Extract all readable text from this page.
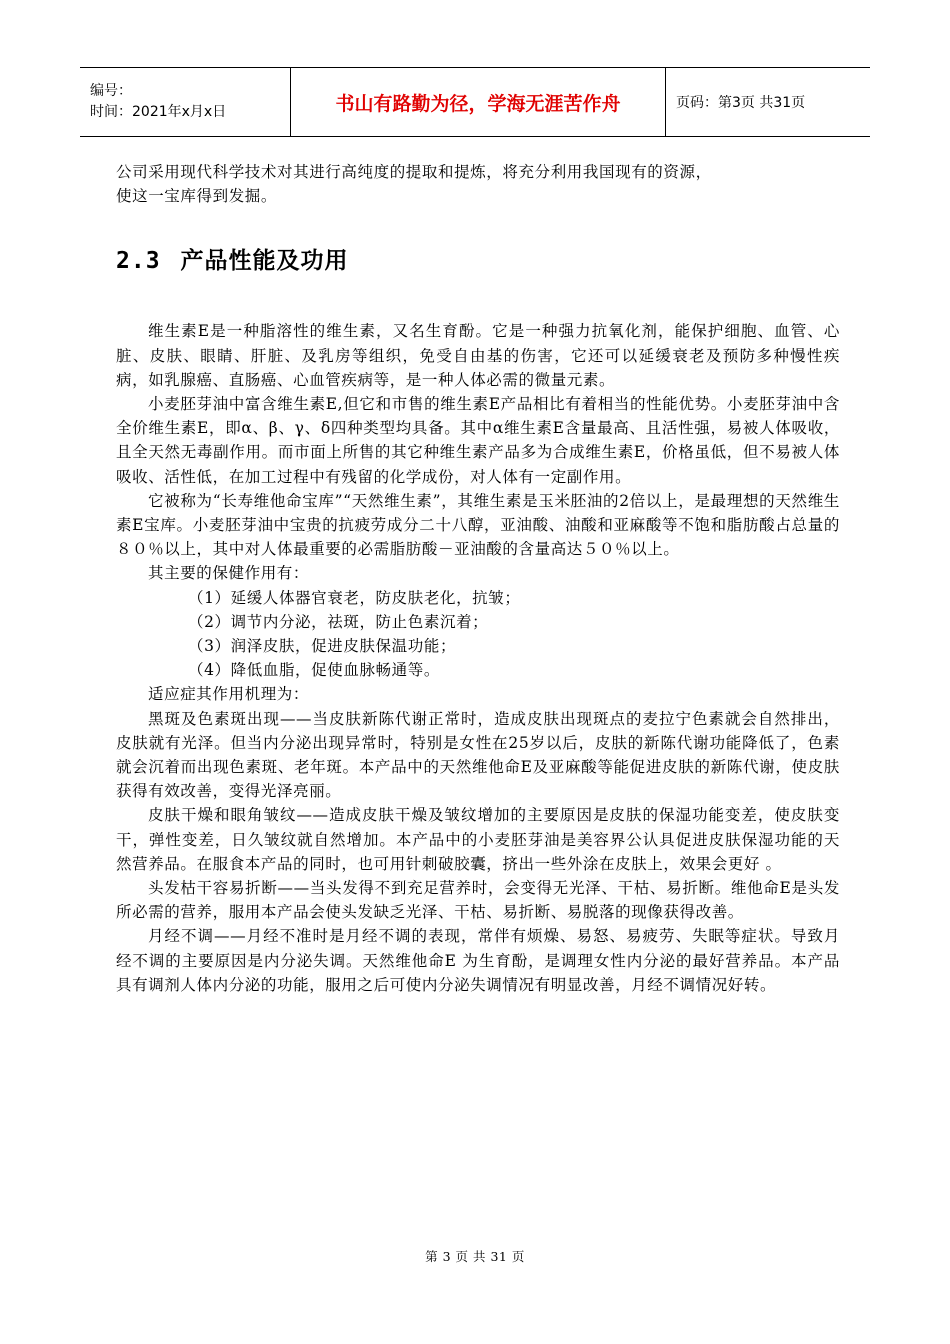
编号：
时间：2021年x月x日	书山有路勤为径，学海无涯苦作舟	页码：第3页 共31页

公司采用现代科学技术对其进行高纯度的提取和提炼，将充分利用我国现有的资源，

使这一宝库得到发掘。

2.3 产品性能及功用

维生素E是一种脂溶性的维生素，又名生育酚。它是一种强力抗氧化剂，能保护细胞、血管、心脏、皮肤、眼睛、肝脏、及乳房等组织，免受自由基的伤害，它还可以延缓衰老及预防多种慢性疾病，如乳腺癌、直肠癌、心血管疾病等，是一种人体必需的微量元素。

小麦胚芽油中富含维生素E,但它和市售的维生素E产品相比有着相当的性能优势。小麦胚芽油中含全价维生素E，即α、β、γ、δ四种类型均具备。其中α维生素E含量最高、且活性强，易被人体吸收，且全天然无毒副作用。而市面上所售的其它种维生素产品多为合成维生素E，价格虽低，但不易被人体吸收、活性低，在加工过程中有残留的化学成份，对人体有一定副作用。

它被称为“长寿维他命宝库”“天然维生素”，其维生素是玉米胚油的2倍以上，是最理想的天然维生素E宝库。小麦胚芽油中宝贵的抗疲劳成分二十八醇，亚油酸、油酸和亚麻酸等不饱和脂肪酸占总量的８０％以上，其中对人体最重要的必需脂肪酸－亚油酸的含量高达５０％以上。

其主要的保健作用有：

（1）延缓人体器官衰老，防皮肤老化，抗皱；

（2）调节内分泌，祛斑，防止色素沉着；

（3）润泽皮肤，促进皮肤保温功能；

（4）降低血脂，促使血脉畅通等。

适应症其作用机理为：

黑斑及色素斑出现——当皮肤新陈代谢正常时，造成皮肤出现斑点的麦拉宁色素就会自然排出，皮肤就有光泽。但当内分泌出现异常时，特别是女性在25岁以后，皮肤的新陈代谢功能降低了，色素就会沉着而出现色素斑、老年斑。本产品中的天然维他命E及亚麻酸等能促进皮肤的新陈代谢，使皮肤获得有效改善，变得光泽亮丽。

皮肤干燥和眼角皱纹——造成皮肤干燥及皱纹增加的主要原因是皮肤的保湿功能变差，使皮肤变干，弹性变差，日久皱纹就自然增加。本产品中的小麦胚芽油是美容界公认具促进皮肤保湿功能的天然营养品。在服食本产品的同时，也可用针刺破胶囊，挤出一些外涂在皮肤上，效果会更好 。

头发枯干容易折断——当头发得不到充足营养时，会变得无光泽、干枯、易折断。维他命E是头发所必需的营养，服用本产品会使头发缺乏光泽、干枯、易折断、易脱落的现像获得改善。

月经不调——月经不准时是月经不调的表现，常伴有烦燥、易怒、易疲劳、失眠等症状。导致月经不调的主要原因是内分泌失调。天然维他命E 为生育酚，是调理女性内分泌的最好营养品。本产品具有调剂人体内分泌的功能，服用之后可使内分泌失调情况有明显改善，月经不调情况好转。

第 3 页 共 31 页
